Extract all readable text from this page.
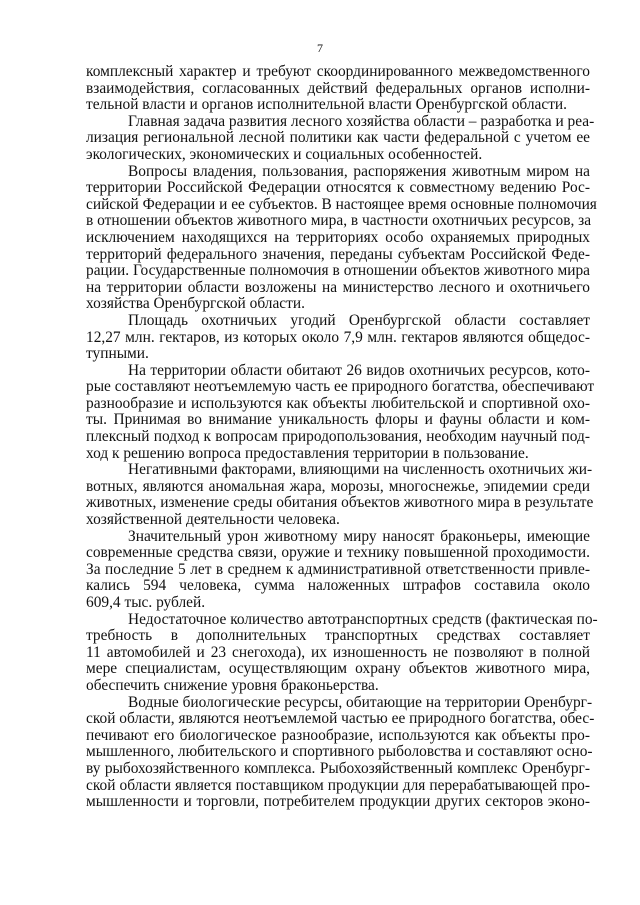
7

комплексный характер и требуют скоординированного межведомственного
взаимодействия, согласованных действий федеральных органов исполни-
тельной власти и органов исполнительной власти Оренбургской области.

Главная задача развития лесного хозяйства области – разработка и реа-
лизация региональной лесной политики как части федеральной с учетом ее
экологических, экономических и социальных особенностей.

Вопросы владения, пользования, распоряжения животным миром на
территории Российской Федерации относятся к совместному ведению Рос-
сийской Федерации и ее субъектов. В настоящее время основные полномочия
в отношении объектов животного мира, в частности охотничьих ресурсов, за
исключением находящихся на территориях особо охраняемых природных
территорий федерального значения, переданы субъектам Российской Феде-
рации. Государственные полномочия в отношении объектов животного мира
на территории области возложены на министерство лесного и охотничьего
хозяйства Оренбургской области.

Площадь охотничьих угодий Оренбургской области составляет
12,27 млн. гектаров, из которых около 7,9 млн. гектаров являются общедос-
тупными.

На территории области обитают 26 видов охотничьих ресурсов, кото-
рые составляют неотъемлемую часть ее природного богатства, обеспечивают
разнообразие и используются как объекты любительской и спортивной охо-
ты. Принимая во внимание уникальность флоры и фауны области и ком-
плексный подход к вопросам природопользования, необходим научный под-
ход к решению вопроса предоставления территории в пользование.

Негативными факторами, влияющими на численность охотничьих жи-
вотных, являются аномальная жара, морозы, многоснежье, эпидемии среди
животных, изменение среды обитания объектов животного мира в результате
хозяйственной деятельности человека.

Значительный урон животному миру наносят браконьеры, имеющие
современные средства связи, оружие и технику повышенной проходимости.
За последние 5 лет в среднем к административной ответственности привле-
кались 594 человека, сумма наложенных штрафов составила около
609,4 тыс. рублей.

Недостаточное количество автотранспортных средств (фактическая по-
требность в дополнительных транспортных средствах составляет
11 автомобилей и 23 снегохода), их изношенность не позволяют в полной
мере специалистам, осуществляющим охрану объектов животного мира,
обеспечить снижение уровня браконьерства.

Водные биологические ресурсы, обитающие на территории Оренбург-
ской области, являются неотъемлемой частью ее природного богатства, обес-
печивают его биологическое разнообразие, используются как объекты про-
мышленного, любительского и спортивного рыболовства и составляют осно-
ву рыбохозяйственного комплекса. Рыбохозяйственный комплекс Оренбург-
ской области является поставщиком продукции для перерабатывающей про-
мышленности и торговли, потребителем продукции других секторов эконо-
